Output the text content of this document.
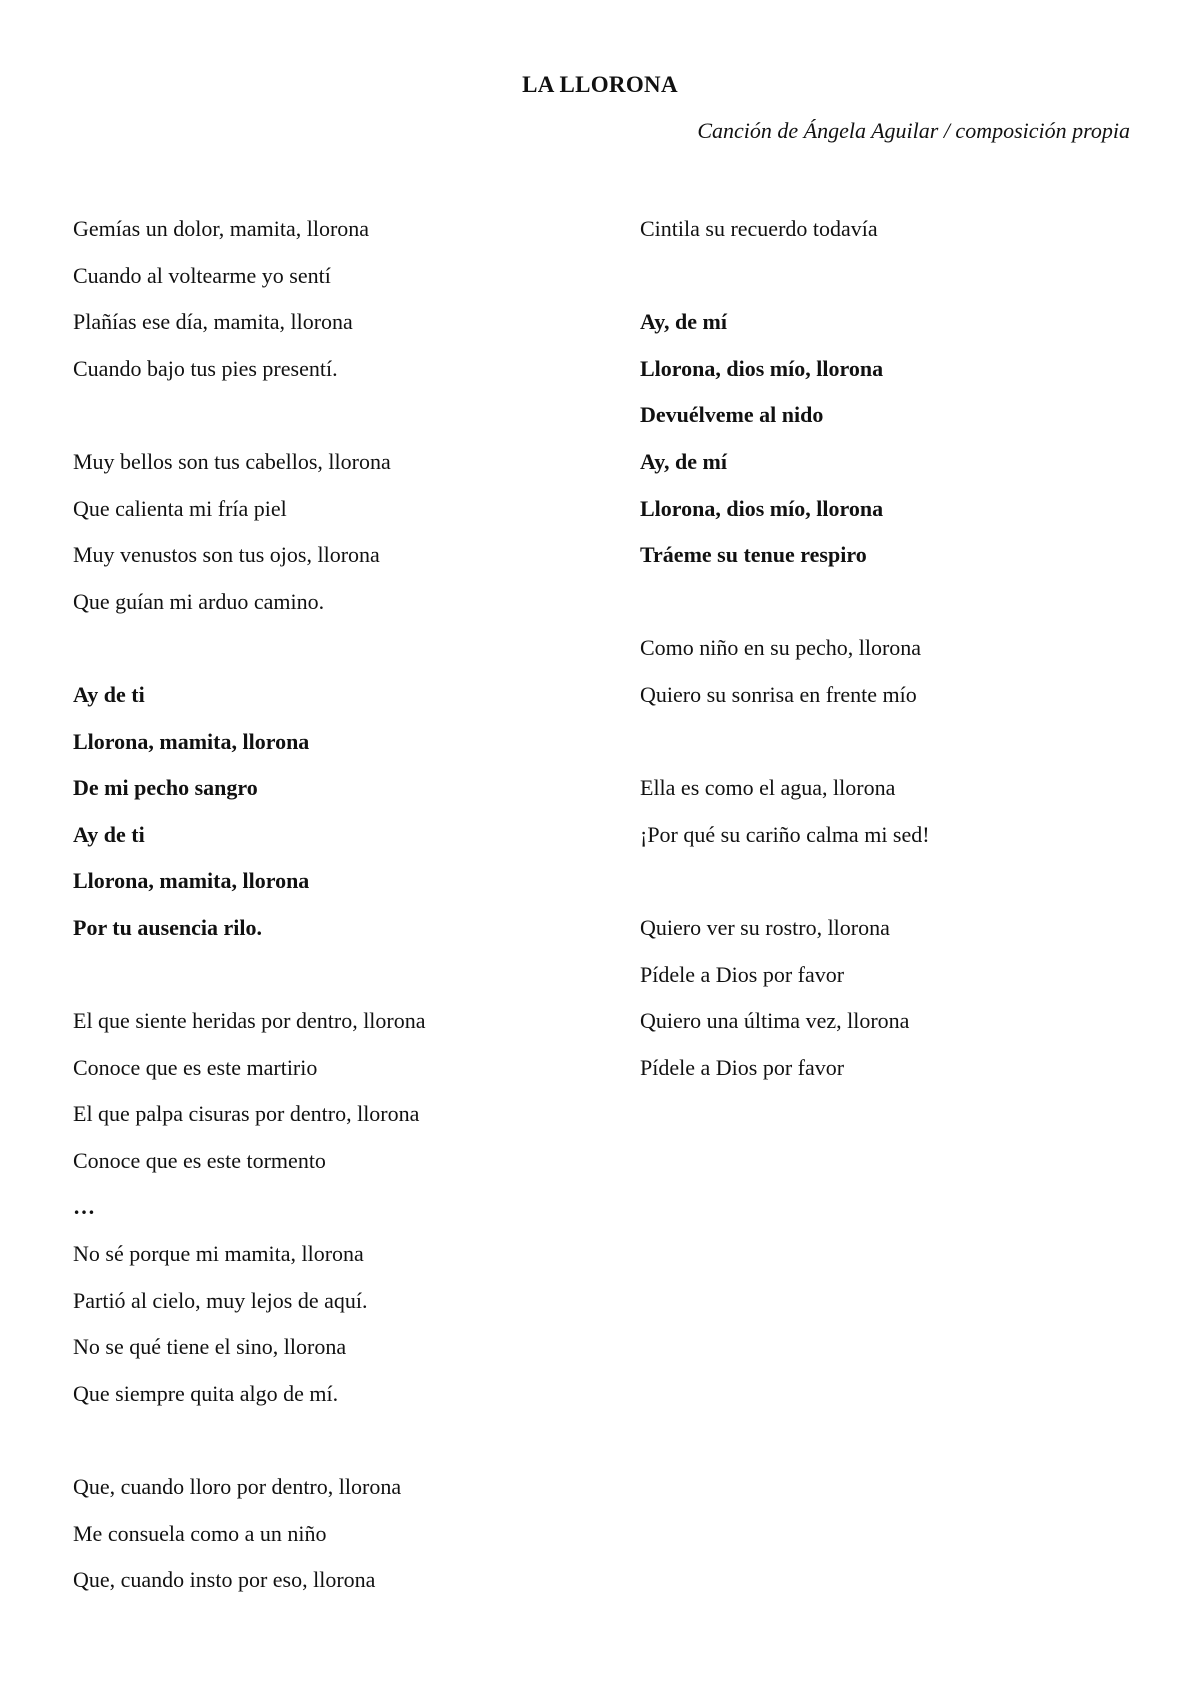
LA LLORONA
Canción de Ángela Aguilar / composición propia
Gemías un dolor, mamita, llorona
Cuando al voltearme yo sentí
Plañías ese día, mamita, llorona
Cuando bajo tus pies presentí.
Muy bellos son tus cabellos, llorona
Que calienta mi fría piel
Muy venustos son tus ojos, llorona
Que guían mi arduo camino.
Ay de ti
Llorona, mamita, llorona
De mi pecho sangro
Ay de ti
Llorona, mamita, llorona
Por tu ausencia rilo.
El que siente heridas por dentro, llorona
Conoce que es este martirio
El que palpa cisuras por dentro, llorona
Conoce que es este tormento
…
No sé porque mi mamita, llorona
Partió al cielo, muy lejos de aquí.
No se qué tiene el sino, llorona
Que siempre quita algo de mí.
Que, cuando lloro por dentro, llorona
Me consuela como a un niño
Que, cuando insto por eso, llorona
Cintila su recuerdo todavía
Ay, de mí
Llorona, dios mío, llorona
Devuélveme al nido
Ay, de mí
Llorona, dios mío, llorona
Tráeme su tenue respiro
Como niño en su pecho, llorona
Quiero su sonrisa en frente mío
Ella es como el agua, llorona
¡Por qué su cariño calma mi sed!
Quiero ver su rostro, llorona
Pídele a Dios por favor
Quiero una última vez, llorona
Pídele a Dios por favor
